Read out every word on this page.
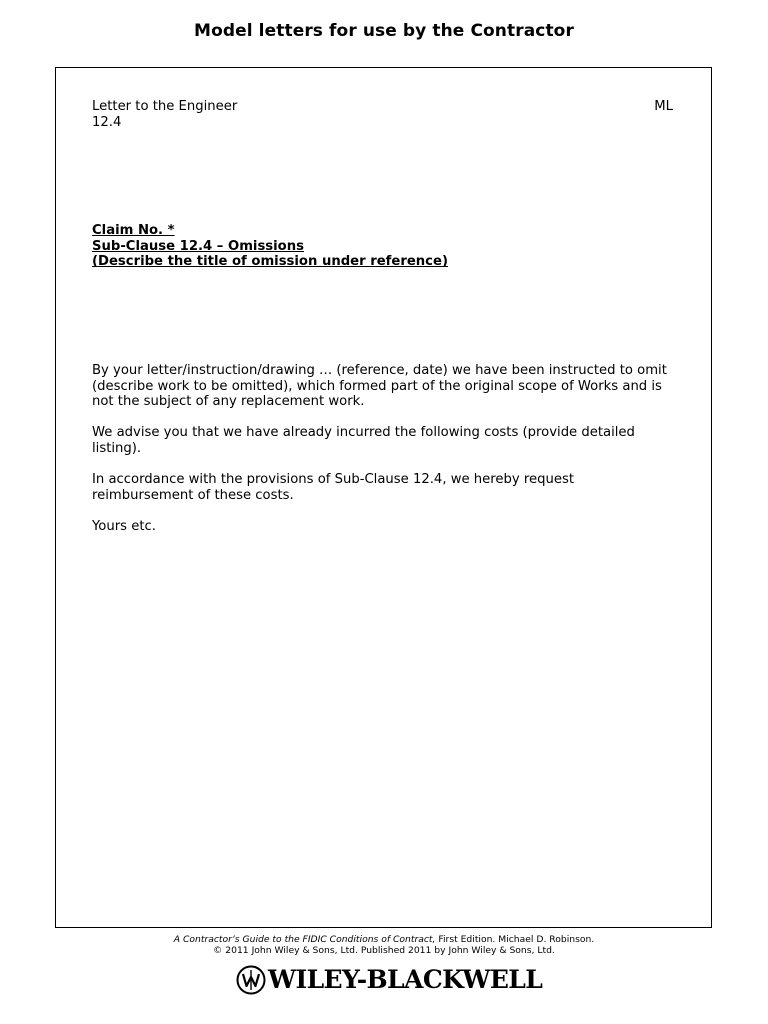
Model letters for use by the Contractor
Letter to the Engineer
12.4
ML
Claim No. *
Sub-Clause 12.4 – Omissions
(Describe the title of omission under reference)

By your letter/instruction/drawing … (reference, date) we have been instructed to omit (describe work to be omitted), which formed part of the original scope of Works and is not the subject of any replacement work.

We advise you that we have already incurred the following costs (provide detailed listing).

In accordance with the provisions of Sub-Clause 12.4, we hereby request reimbursement of these costs.

Yours etc.

A Contractor’s Guide to the FIDIC Conditions of Contract, First Edition. Michael D. Robinson.
© 2011 John Wiley & Sons, Ltd. Published 2011 by John Wiley & Sons, Ltd.
WILEY-BLACKWELL
